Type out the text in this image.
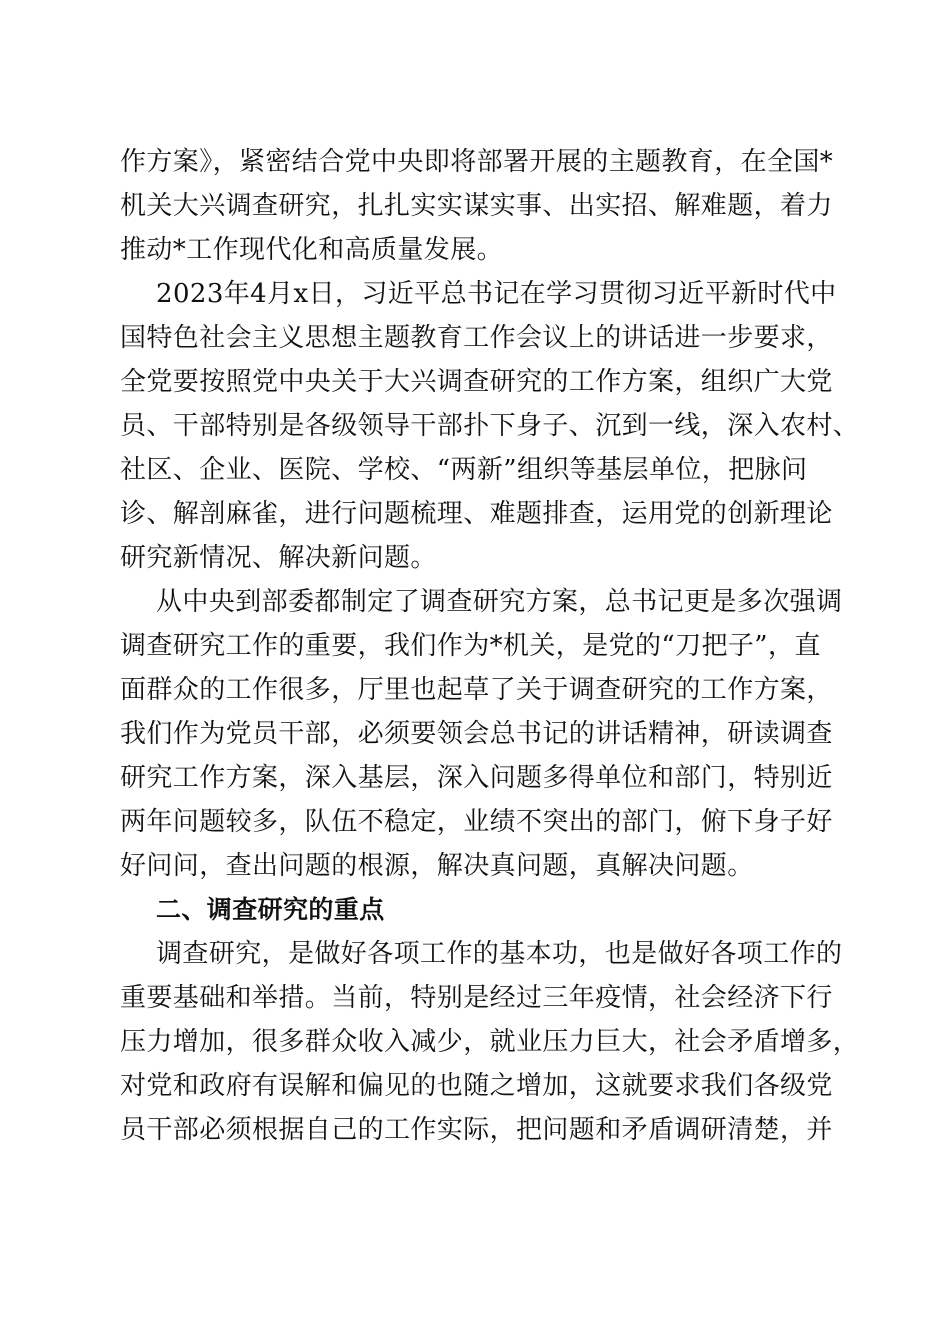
作方案》，紧密结合党中央即将部署开展的主题教育，在全国*
机关大兴调查研究，扎扎实实谋实事、出实招、解难题，着力
推动*工作现代化和高质量发展。
2023年4月x日，习近平总书记在学习贯彻习近平新时代中
国特色社会主义思想主题教育工作会议上的讲话进一步要求，
全党要按照党中央关于大兴调查研究的工作方案，组织广大党
员、干部特别是各级领导干部扑下身子、沉到一线，深入农村、
社区、企业、医院、学校、“两新”组织等基层单位，把脉问
诊、解剖麻雀，进行问题梳理、难题排查，运用党的创新理论
研究新情况、解决新问题。
从中央到部委都制定了调查研究方案，总书记更是多次强调
调查研究工作的重要，我们作为*机关，是党的“刀把子”，直
面群众的工作很多，厅里也起草了关于调查研究的工作方案，
我们作为党员干部，必须要领会总书记的讲话精神，研读调查
研究工作方案，深入基层，深入问题多得单位和部门，特别近
两年问题较多，队伍不稳定，业绩不突出的部门，俯下身子好
好问问，查出问题的根源，解决真问题，真解决问题。
二、调查研究的重点
调查研究，是做好各项工作的基本功，也是做好各项工作的
重要基础和举措。当前，特别是经过三年疫情，社会经济下行
压力增加，很多群众收入减少，就业压力巨大，社会矛盾增多，
对党和政府有误解和偏见的也随之增加，这就要求我们各级党
员干部必须根据自己的工作实际，把问题和矛盾调研清楚，并
